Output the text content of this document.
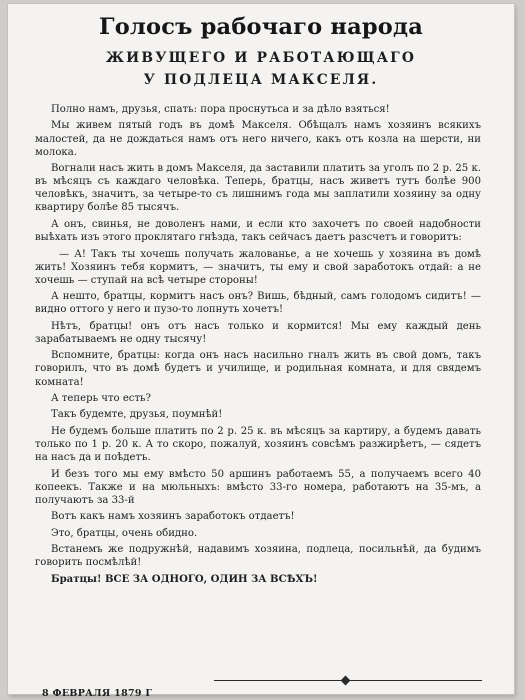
Голосъ рабочаго народа
ЖИВУЩЕГО И РАБОТАЮЩАГО
У ПОДЛЕЦА МАКСЕЛЯ.

Полно намъ, друзья, спать: пора проснутьса и за дѣло взяться!

Мы живем пятый годъ въ домѣ Макселя. Обѣщалъ намъ хозяинъ всякихъ малостей, да не дождаться намъ отъ него ничего, какъ отъ козла на шерсти, ни молока.

Вогнали насъ жить в домъ Макселя, да заставили платить за уголъ по 2 р. 25 к. въ мѣсяцъ съ каждаго человѣка. Теперь, братцы, насъ живетъ тутъ болѣе 900 человѣкъ, значитъ, за четыре-то съ лишнимъ года мы заплатили хозяину за одну квартиру болѣе 85 тысячъ.

А онъ, свинья, не доволенъ нами, и если кто захочетъ по своей надобности выѣхать изъ этого проклятаго гнѣзда, такъ сейчасъ даетъ разсчетъ и говоритъ:

— А! Такъ ты хочешь получать жалованье, а не хочешь у хозяина въ домѣ жить! Хозяинъ тебя кормитъ, — значитъ, ты ему и свой заработокъ отдай: а не хочешь — ступай на всѣ четыре стороны!

А нешто, братцы, кормитъ насъ онъ? Вишь, бѣдный, самъ голодомъ сидитъ! — видно оттого у него и пузо-то лопнуть хочетъ!

Нѣтъ, братцы! онъ отъ насъ только и кормится! Мы ему каждый день зарабатываемъ не одну тысячу!

Вспомните, братцы: когда онъ насъ насильно гналъ жить въ свой домъ, такъ говорилъ, что въ домѣ будетъ и училище, и родильная комната, и для свядемъ комната!

А теперь что есть?

Такъ будемте, друзья, поумнѣй!

Не будемъ больше платить по 2 р. 25 к. въ мѣсяцъ за картиру, а будемъ давать только по 1 р. 20 к. А то скоро, пожалуй, хозяинъ совсѣмъ разжирѣетъ, — сядетъ на насъ да и поѣдетъ.

И безъ того мы ему вмѣсто 50 аршинъ работаемъ 55, а получаемъ всего 40 копеекъ. Также и на мюльныхъ: вмѣсто 33-го номера, работаютъ на 35-мъ, а получаютъ за 33-й

Вотъ какъ намъ хозяинъ заработокъ отдаетъ!

Это, братцы, очень обидно.

Встанемъ же подружнѣй, надавимъ хозяина, подлеца, посильнѣй, да будимъ говорить посмѣлѣй!

Братцы! ВСЕ ЗА ОДНОГО, ОДИН ЗА ВСѢХЪ!

8 ФЕВРАЛЯ 1879 Г
